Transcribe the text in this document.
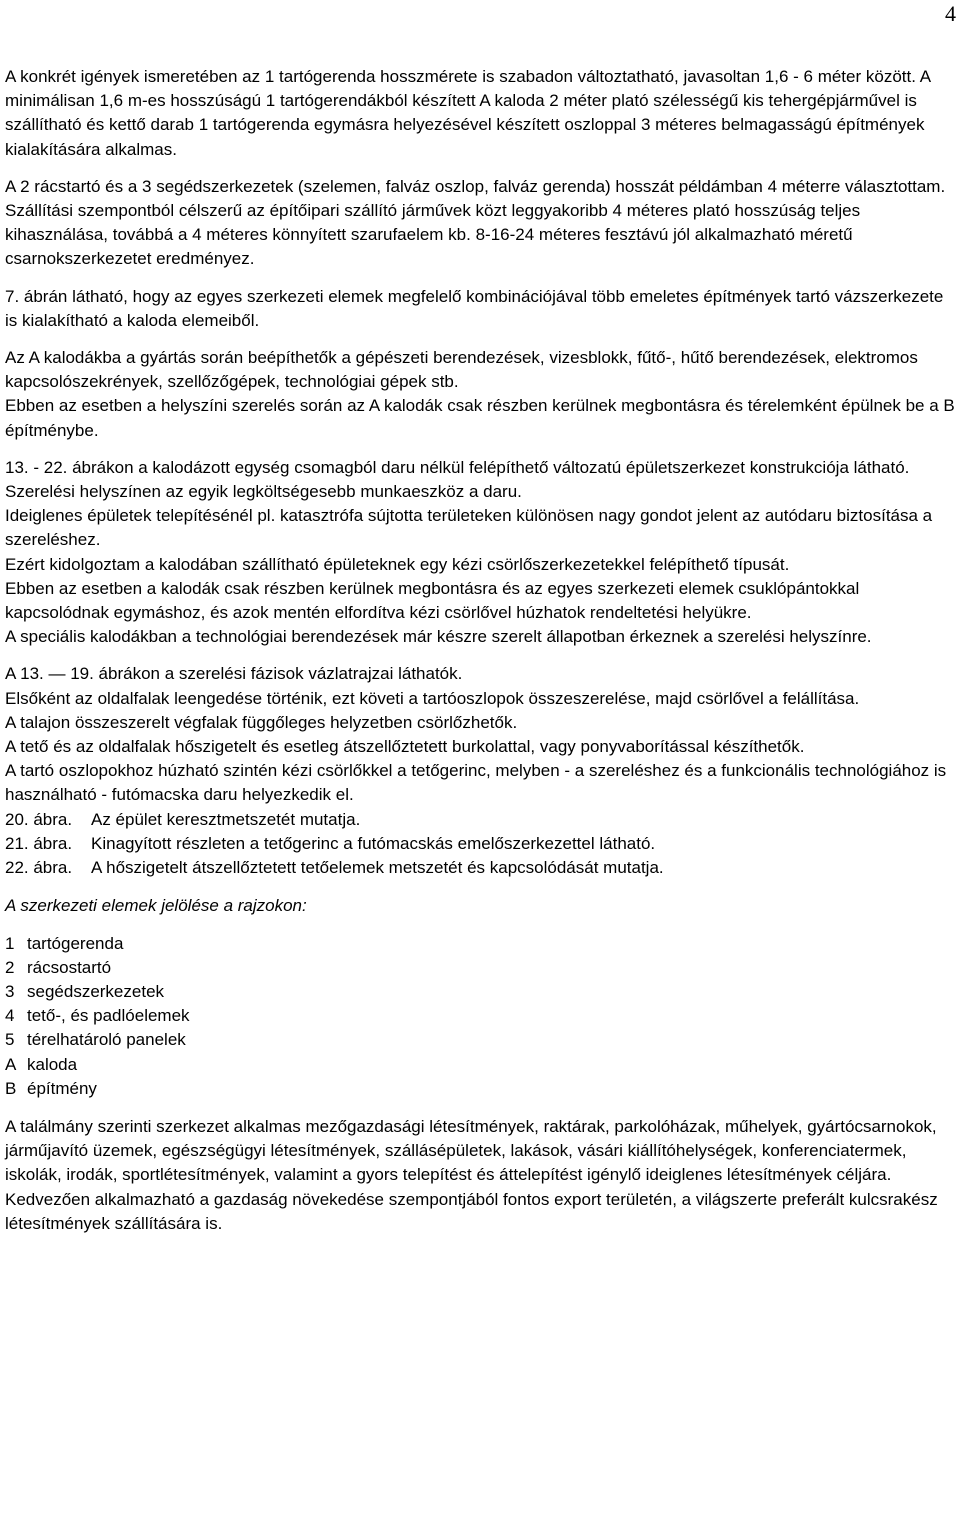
4

A konkrét igények ismeretében az 1 tartógerenda hosszmérete is szabadon változtatható, javasoltan 1,6 - 6 méter között. A minimálisan 1,6 m-es hosszúságú 1 tartógerendákból készített A kaloda 2 méter plató szélességű kis tehergépjárművel is szállítható és kettő darab 1 tartógerenda egymásra helyezésével készített oszloppal 3 méteres belmagasságú építmények kialakítására alkalmas.

A 2 rácstartó és a 3 segédszerkezetek (szelemen, falváz oszlop, falváz gerenda) hosszát példámban 4 méterre választottam.

Szállítási szempontból célszerű az építőipari szállító járművek közt leggyakoribb 4 méteres plató hosszúság teljes kihasználása, továbbá a 4 méteres könnyített szarufaelem kb. 8-16-24 méteres fesztávú jól alkalmazható méretű csarnokszerkezetet eredményez.

7. ábrán látható, hogy az egyes szerkezeti elemek megfelelő kombinációjával több emeletes építmények tartó vázszerkezete is kialakítható a kaloda elemeiből.

Az A kalodákba a gyártás során beépíthetők a gépészeti berendezések, vizesblokk, fűtő-, hűtő berendezések, elektromos kapcsolószekrények, szellőzőgépek, technológiai gépek stb.

Ebben az esetben a helyszíni szerelés során az A kalodák csak részben kerülnek megbontásra és térelemként épülnek be a B építménybe.

13. - 22. ábrákon a kalodázott egység csomagból daru nélkül felépíthető változatú épületszerkezet konstrukciója látható.

Szerelési helyszínen az egyik legköltségesebb munkaeszköz a daru.

Ideiglenes épületek telepítésénél pl. katasztrófa sújtotta területeken különösen nagy gondot jelent az autódaru biztosítása a szereléshez.

Ezért kidolgoztam a kalodában szállítható épületeknek egy kézi csörlőszerkezetekkel felépíthető típusát.

Ebben az esetben a kalodák csak részben kerülnek megbontásra és az egyes szerkezeti elemek csuklópántokkal kapcsolódnak egymáshoz, és azok mentén elfordítva kézi csörlővel húzhatok rendeltetési helyükre.

A speciális kalodákban a technológiai berendezések már készre szerelt állapotban érkeznek a szerelési helyszínre.

A 13. — 19. ábrákon a szerelési fázisok vázlatrajzai láthatók.

Elsőként az oldalfalak leengedése történik, ezt követi a tartóoszlopok összeszerelése, majd csörlővel a felállítása.

A talajon összeszerelt végfalak függőleges helyzetben csörlőzhetők.

A tető és az oldalfalak hőszigetelt és esetleg átszellőztetett burkolattal, vagy ponyvaborítással készíthetők.

A tartó oszlopokhoz húzható szintén kézi csörlőkkel a tetőgerinc, melyben - a szereléshez és a funkcionális technológiához is használható - futómacska daru helyezkedik el.

20. ábra.	Az épület keresztmetszetét mutatja.
21. ábra.	Kinagyított részleten a tetőgerinc a futómacskás emelőszerkezettel látható.
22. ábra.	A hőszigetelt átszellőztetett tetőelemek metszetét és kapcsolódását mutatja.

A szerkezeti elemek jelölése a rajzokon:

1 tartógerenda
2 rácsostartó
3 segédszerkezetek
4 tető-, és padlóelemek
5 térelhatároló panelek
A kaloda
B építmény

A találmány szerinti szerkezet alkalmas mezőgazdasági létesítmények, raktárak, parkolóházak, műhelyek, gyártócsarnokok, járműjavító üzemek, egészségügyi létesítmények, szállásépületek, lakások, vásári kiállítóhelységek, konferenciatermek, iskolák, irodák, sportlétesítmények, valamint a gyors telepítést és áttelepítést igénylő ideiglenes létesítmények céljára.

Kedvezően alkalmazható a gazdaság növekedése szempontjából fontos export területén, a világszerte preferált kulcsrakész létesítmények szállítására is.
